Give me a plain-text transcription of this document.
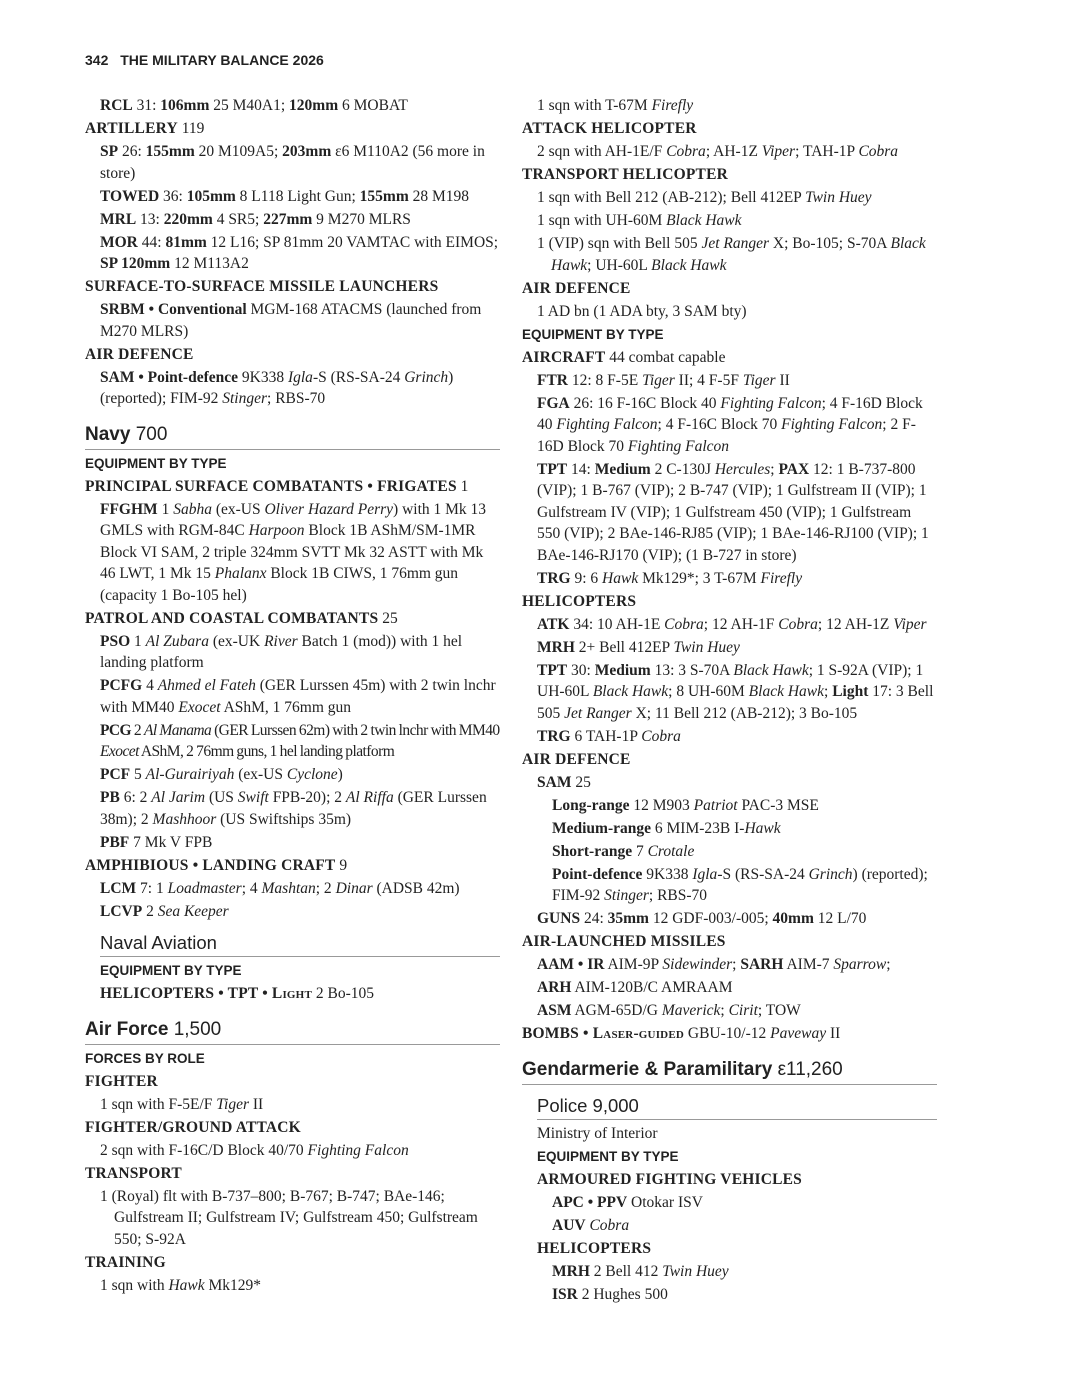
342 THE MILITARY BALANCE 2026

RCL 31: 106mm 25 M40A1; 120mm 6 MOBAT

ARTILLERY 119

SP 26: 155mm 20 M109A5; 203mm ε6 M110A2 (56 more in store)

TOWED 36: 105mm 8 L118 Light Gun; 155mm 28 M198

MRL 13: 220mm 4 SR5; 227mm 9 M270 MLRS

MOR 44: 81mm 12 L16; SP 81mm 20 VAMTAC with EIMOS; SP 120mm 12 M113A2

SURFACE-TO-SURFACE MISSILE LAUNCHERS

SRBM • Conventional MGM-168 ATACMS (launched from M270 MLRS)

AIR DEFENCE

SAM • Point-defence 9K338 Igla-S (RS-SA-24 Grinch) (reported); FIM-92 Stinger; RBS-70

Navy 700

EQUIPMENT BY TYPE

PRINCIPAL SURFACE COMBATANTS • FRIGATES 1

FFGHM 1 Sabha (ex-US Oliver Hazard Perry) with 1 Mk 13 GMLS with RGM-84C Harpoon Block 1B AShM/SM-1MR Block VI SAM, 2 triple 324mm SVTT Mk 32 ASTT with Mk 46 LWT, 1 Mk 15 Phalanx Block 1B CIWS, 1 76mm gun (capacity 1 Bo-105 hel)

PATROL AND COASTAL COMBATANTS 25

PSO 1 Al Zubara (ex-UK River Batch 1 (mod)) with 1 hel landing platform

PCFG 4 Ahmed el Fateh (GER Lurssen 45m) with 2 twin lnchr with MM40 Exocet AShM, 1 76mm gun

PCG 2 Al Manama (GER Lurssen 62m) with 2 twin lnchr with MM40 Exocet AShM, 2 76mm guns, 1 hel landing platform

PCF 5 Al-Gurairiyah (ex-US Cyclone)

PB 6: 2 Al Jarim (US Swift FPB-20); 2 Al Riffa (GER Lurssen 38m); 2 Mashhoor (US Swiftships 35m)

PBF 7 Mk V FPB

AMPHIBIOUS • LANDING CRAFT 9

LCM 7: 1 Loadmaster; 4 Mashtan; 2 Dinar (ADSB 42m)

LCVP 2 Sea Keeper

Naval Aviation

EQUIPMENT BY TYPE

HELICOPTERS • TPT • Light 2 Bo-105

Air Force 1,500

FORCES BY ROLE

FIGHTER

1 sqn with F-5E/F Tiger II

FIGHTER/GROUND ATTACK

2 sqn with F-16C/D Block 40/70 Fighting Falcon

TRANSPORT

1 (Royal) flt with B-737–800; B-767; B-747; BAe-146; Gulfstream II; Gulfstream IV; Gulfstream 450; Gulfstream 550; S-92A

TRAINING

1 sqn with Hawk Mk129*

1 sqn with T-67M Firefly

ATTACK HELICOPTER

2 sqn with AH-1E/F Cobra; AH-1Z Viper; TAH-1P Cobra

TRANSPORT HELICOPTER

1 sqn with Bell 212 (AB-212); Bell 412EP Twin Huey

1 sqn with UH-60M Black Hawk

1 (VIP) sqn with Bell 505 Jet Ranger X; Bo-105; S-70A Black Hawk; UH-60L Black Hawk

AIR DEFENCE

1 AD bn (1 ADA bty, 3 SAM bty)

EQUIPMENT BY TYPE

AIRCRAFT 44 combat capable

FTR 12: 8 F-5E Tiger II; 4 F-5F Tiger II

FGA 26: 16 F-16C Block 40 Fighting Falcon; 4 F-16D Block 40 Fighting Falcon; 4 F-16C Block 70 Fighting Falcon; 2 F-16D Block 70 Fighting Falcon

TPT 14: Medium 2 C-130J Hercules; PAX 12: 1 B-737-800 (VIP); 1 B-767 (VIP); 2 B-747 (VIP); 1 Gulfstream II (VIP); 1 Gulfstream IV (VIP); 1 Gulfstream 450 (VIP); 1 Gulfstream 550 (VIP); 2 BAe-146-RJ85 (VIP); 1 BAe-146-RJ100 (VIP); 1 BAe-146-RJ170 (VIP); (1 B-727 in store)

TRG 9: 6 Hawk Mk129*; 3 T-67M Firefly

HELICOPTERS

ATK 34: 10 AH-1E Cobra; 12 AH-1F Cobra; 12 AH-1Z Viper

MRH 2+ Bell 412EP Twin Huey

TPT 30: Medium 13: 3 S-70A Black Hawk; 1 S-92A (VIP); 1 UH-60L Black Hawk; 8 UH-60M Black Hawk; Light 17: 3 Bell 505 Jet Ranger X; 11 Bell 212 (AB-212); 3 Bo-105

TRG 6 TAH-1P Cobra

AIR DEFENCE

SAM 25

Long-range 12 M903 Patriot PAC-3 MSE

Medium-range 6 MIM-23B I-Hawk

Short-range 7 Crotale

Point-defence 9K338 Igla-S (RS-SA-24 Grinch) (reported); FIM-92 Stinger; RBS-70

GUNS 24: 35mm 12 GDF-003/-005; 40mm 12 L/70

AIR-LAUNCHED MISSILES

AAM • IR AIM-9P Sidewinder; SARH AIM-7 Sparrow;

ARH AIM-120B/C AMRAAM

ASM AGM-65D/G Maverick; Cirit; TOW

BOMBS • Laser-guided GBU-10/-12 Paveway II

Gendarmerie & Paramilitary ε11,260

Police 9,000

Ministry of Interior

EQUIPMENT BY TYPE

ARMOURED FIGHTING VEHICLES

APC • PPV Otokar ISV

AUV Cobra

HELICOPTERS

MRH 2 Bell 412 Twin Huey

ISR 2 Hughes 500
